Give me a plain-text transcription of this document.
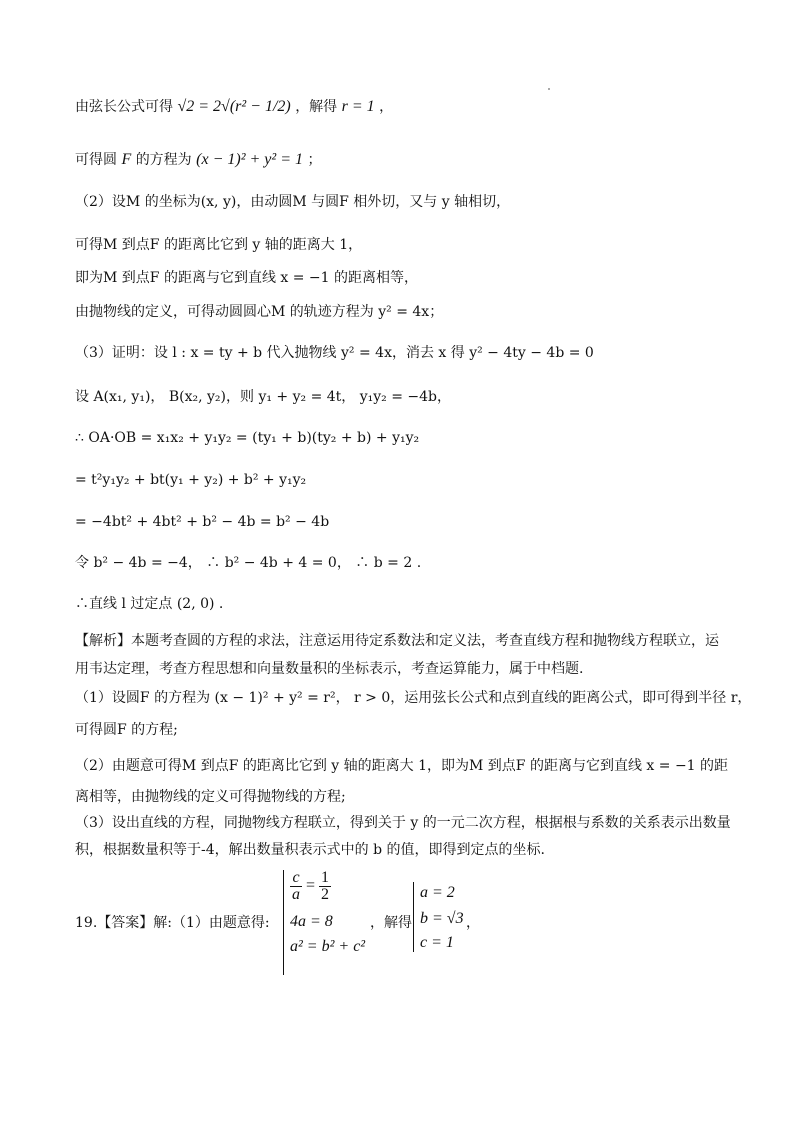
由弦长公式可得 √2 = 2√(r² − 1/2) ，解得 r = 1 ，
可得圆 F 的方程为 (x − 1)² + y² = 1 ；
（2）设M 的坐标为(x, y)，由动圆M 与圆F 相外切，又与 y 轴相切，
可得M 到点F 的距离比它到 y 轴的距离大 1，
即为M 到点F 的距离与它到直线 x = −1 的距离相等，
由抛物线的定义，可得动圆圆心M 的轨迹方程为 y² = 4x；
（3）证明：设 l : x = ty + b 代入抛物线 y² = 4x，消去 x 得 y² − 4ty − 4b = 0
设 A(x₁, y₁)， B(x₂, y₂)，则 y₁ + y₂ = 4t， y₁y₂ = −4b，
∴ OA·OB = x₁x₂ + y₁y₂ = (ty₁ + b)(ty₂ + b) + y₁y₂
= t²y₁y₂ + bt(y₁ + y₂) + b² + y₁y₂
= −4bt² + 4bt² + b² − 4b = b² − 4b
令 b² − 4b = −4， ∴ b² − 4b + 4 = 0， ∴ b = 2 .
∴直线 l 过定点 (2, 0) .
【解析】本题考查圆的方程的求法，注意运用待定系数法和定义法，考查直线方程和抛物线方程联立，运用韦达定理，考查方程思想和向量数量积的坐标表示，考查运算能力，属于中档题.
（1）设圆F 的方程为 (x − 1)² + y² = r²， r > 0，运用弦长公式和点到直线的距离公式，即可得到半径 r，
可得圆F 的方程;
（2）由题意可得M 到点F 的距离比它到 y 轴的距离大 1，即为M 到点F 的距离与它到直线 x = −1 的距
离相等，由抛物线的定义可得抛物线的方程;
（3）设出直线的方程，同抛物线方程联立，得到关于 y 的一元二次方程，根据根与系数的关系表示出数量
积，根据数量积等于-4，解出数量积表示式中的 b 的值，即得到定点的坐标.
19.【答案】解:（1）由题意得:
$\frac{c}{a} = \frac{1}{2}$
4a = 8
a² = b² + c²
，解得
a = 2
b = √3
c = 1
，
